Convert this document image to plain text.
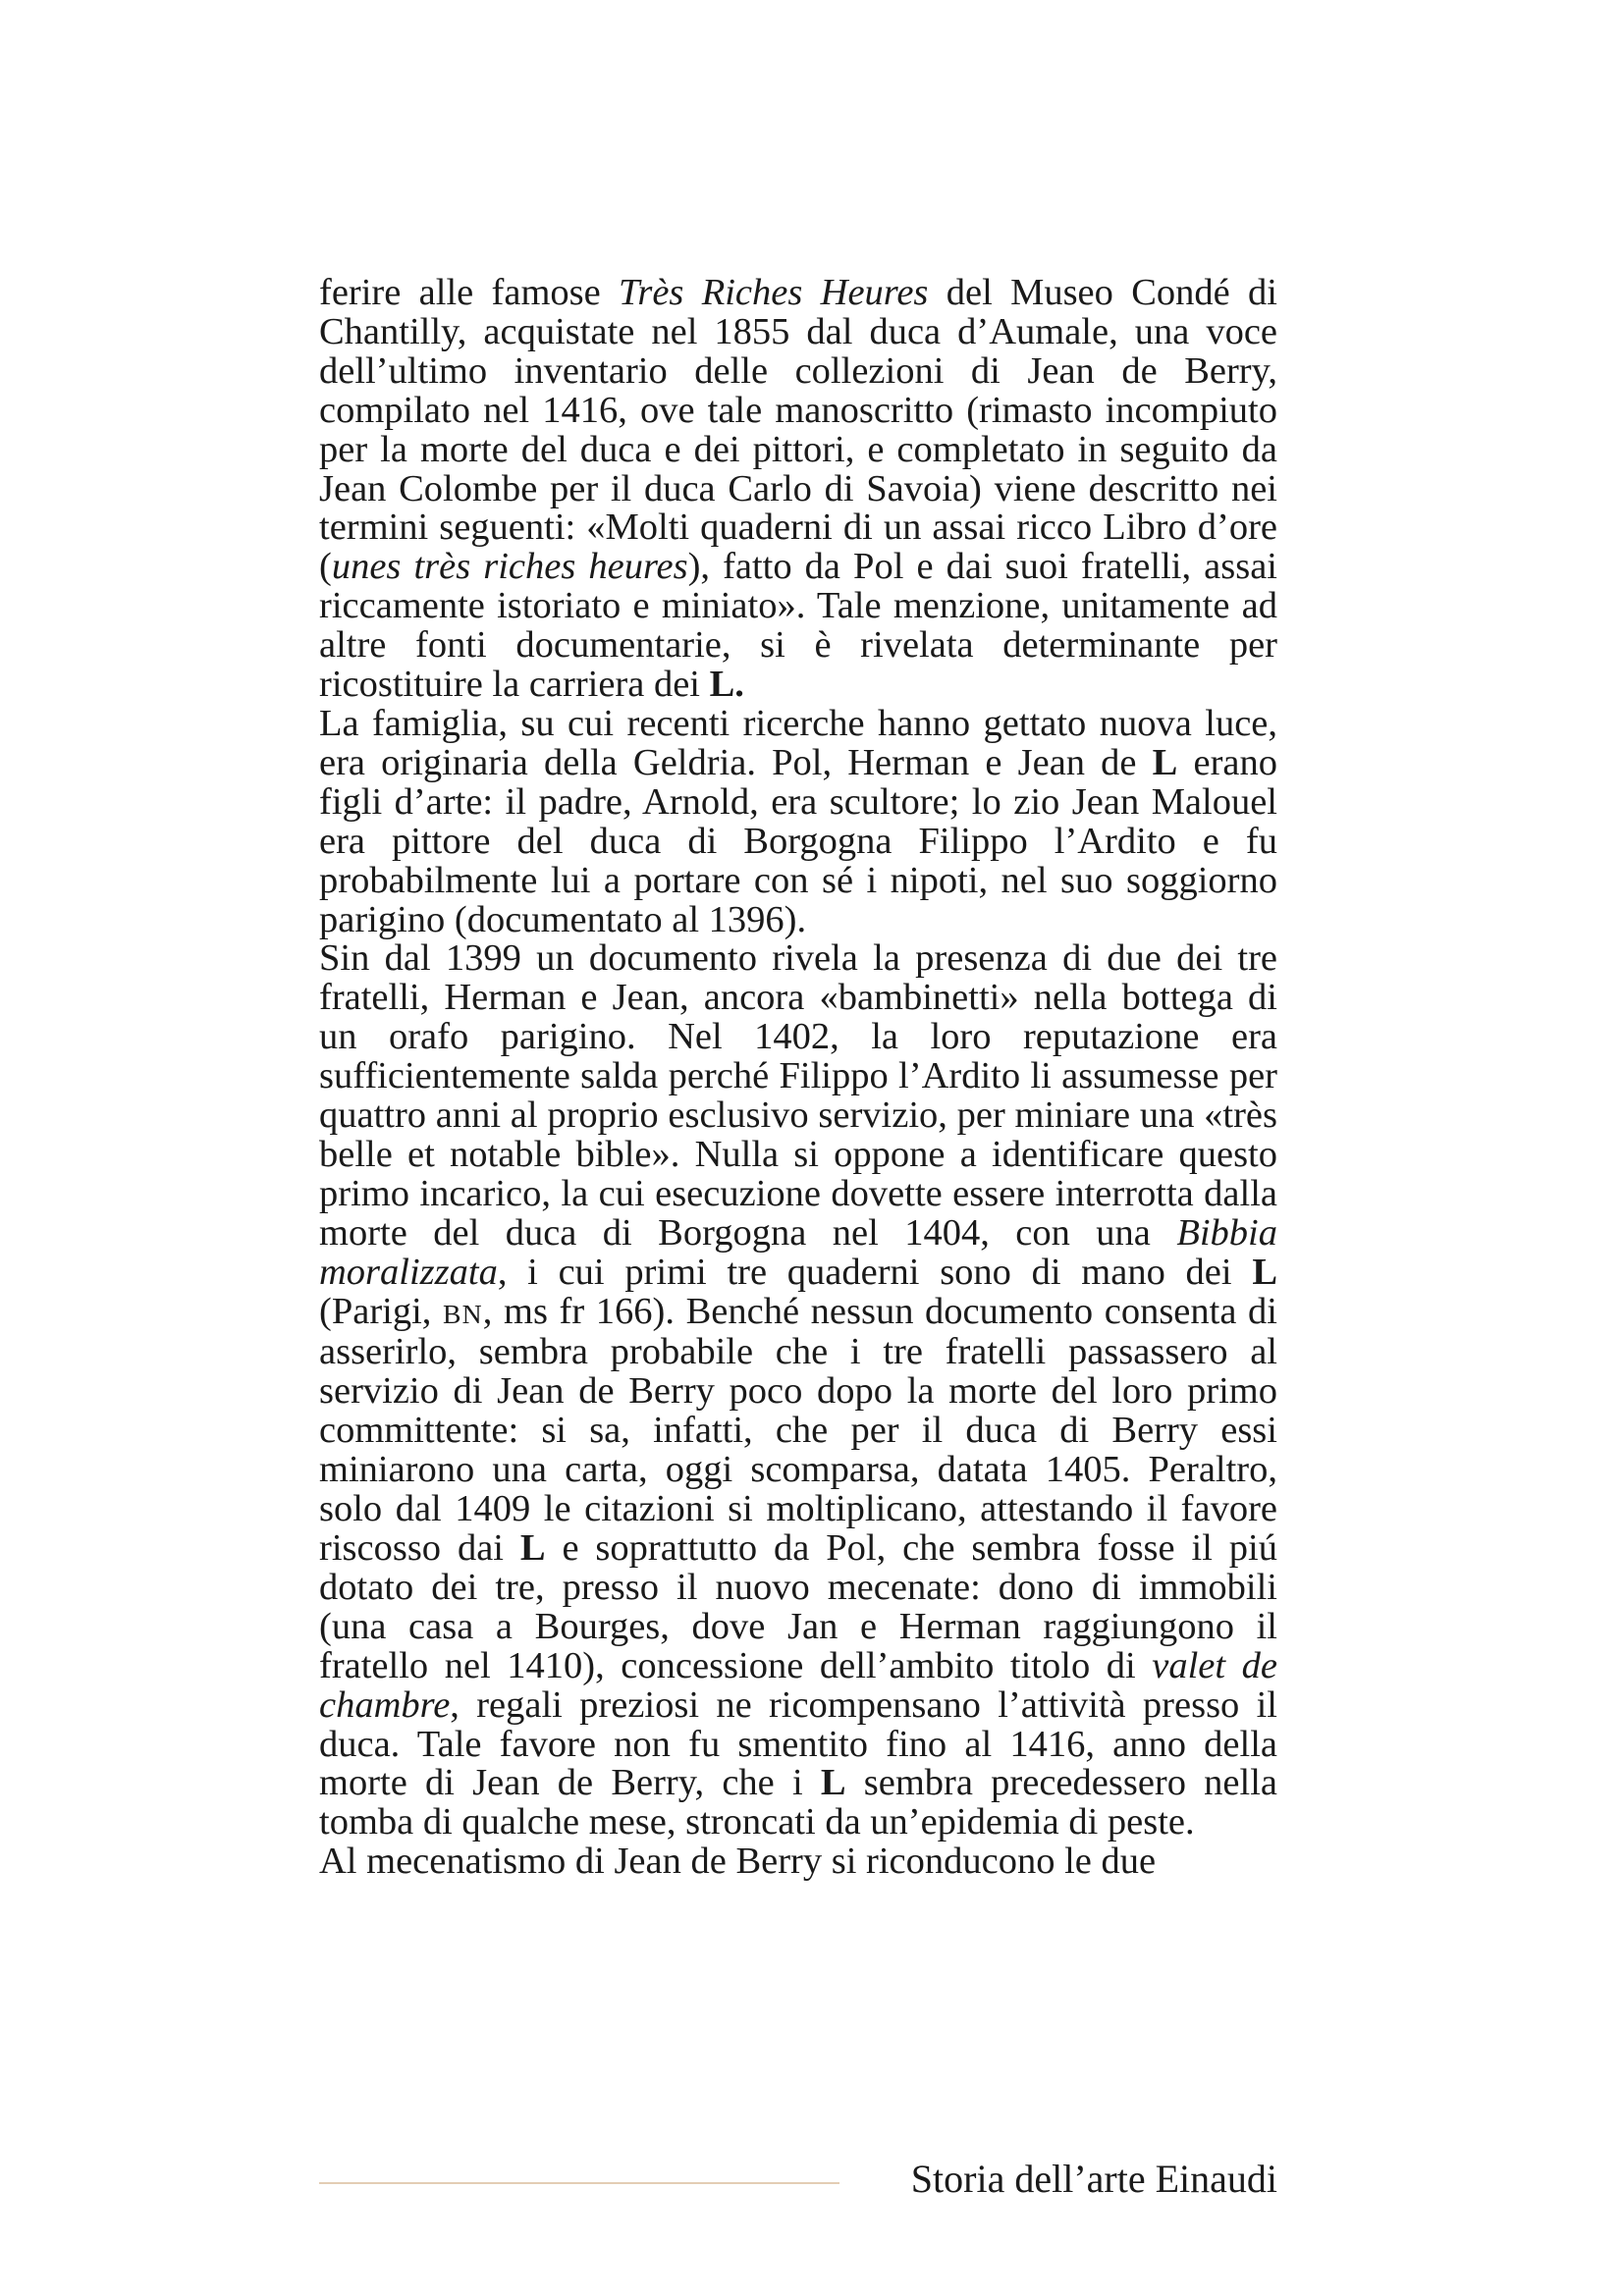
ferire alle famose Très Riches Heures del Museo Condé di Chantilly, acquistate nel 1855 dal duca d’Aumale, una voce dell’ultimo inventario delle collezioni di Jean de Berry, compilato nel 1416, ove tale manoscritto (rimasto incompiuto per la morte del duca e dei pittori, e completato in seguito da Jean Colombe per il duca Carlo di Savoia) viene descritto nei termini seguenti: «Molti quaderni di un assai ricco Libro d’ore (unes très riches heures), fatto da Pol e dai suoi fratelli, assai riccamente istoriato e miniato». Tale menzione, unitamente ad altre fonti documentarie, si è rivelata determinante per ricostituire la carriera dei L.

La famiglia, su cui recenti ricerche hanno gettato nuova luce, era originaria della Geldria. Pol, Herman e Jean de L erano figli d’arte: il padre, Arnold, era scultore; lo zio Jean Malouel era pittore del duca di Borgogna Filippo l’Ardito e fu probabilmente lui a portare con sé i nipoti, nel suo soggiorno parigino (documentato al 1396).

Sin dal 1399 un documento rivela la presenza di due dei tre fratelli, Herman e Jean, ancora «bambinetti» nella bottega di un orafo parigino. Nel 1402, la loro reputazione era sufficientemente salda perché Filippo l’Ardito li assumesse per quattro anni al proprio esclusivo servizio, per miniare una «très belle et notable bible». Nulla si oppone a identificare questo primo incarico, la cui esecuzione dovette essere interrotta dalla morte del duca di Borgogna nel 1404, con una Bibbia moralizzata, i cui primi tre quaderni sono di mano dei L (Parigi, BN, ms fr 166). Benché nessun documento consenta di asserirlo, sembra probabile che i tre fratelli passassero al servizio di Jean de Berry poco dopo la morte del loro primo committente: si sa, infatti, che per il duca di Berry essi miniarono una carta, oggi scomparsa, datata 1405. Peraltro, solo dal 1409 le citazioni si moltiplicano, attestando il favore riscosso dai L e soprattutto da Pol, che sembra fosse il piú dotato dei tre, presso il nuovo mecenate: dono di immobili (una casa a Bourges, dove Jan e Herman raggiungono il fratello nel 1410), concessione dell’ambito titolo di valet de chambre, regali preziosi ne ricompensano l’attività presso il duca. Tale favore non fu smentito fino al 1416, anno della morte di Jean de Berry, che i L sembra precedessero nella tomba di qualche mese, stroncati da un’epidemia di peste.

Al mecenatismo di Jean de Berry si riconducono le due

Storia dell’arte Einaudi
